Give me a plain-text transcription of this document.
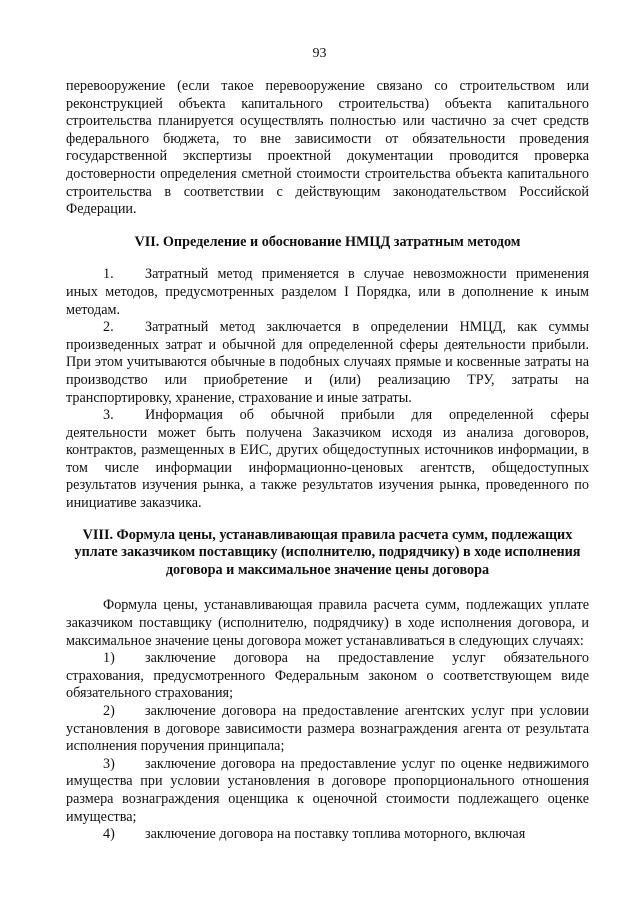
93

перевооружение (если такое перевооружение связано со строительством или реконструкцией объекта капитального строительства) объекта капитального строительства планируется осуществлять полностью или частично за счет средств федерального бюджета, то вне зависимости от обязательности проведения государственной экспертизы проектной документации проводится проверка достоверности определения сметной стоимости строительства объекта капитального строительства в соответствии с действующим законодательством Российской Федерации.

VII. Определение и обоснование НМЦД затратным методом

1. Затратный метод применяется в случае невозможности применения иных методов, предусмотренных разделом I Порядка, или в дополнение к иным методам.

2. Затратный метод заключается в определении НМЦД, как суммы произведенных затрат и обычной для определенной сферы деятельности прибыли. При этом учитываются обычные в подобных случаях прямые и косвенные затраты на производство или приобретение и (или) реализацию ТРУ, затраты на транспортировку, хранение, страхование и иные затраты.

3. Информация об обычной прибыли для определенной сферы деятельности может быть получена Заказчиком исходя из анализа договоров, контрактов, размещенных в ЕИС, других общедоступных источников информации, в том числе информации информационно-ценовых агентств, общедоступных результатов изучения рынка, а также результатов изучения рынка, проведенного по инициативе заказчика.

VIII. Формула цены, устанавливающая правила расчета сумм, подлежащих уплате заказчиком поставщику (исполнителю, подрядчику) в ходе исполнения договора и максимальное значение цены договора

Формула цены, устанавливающая правила расчета сумм, подлежащих уплате заказчиком поставщику (исполнителю, подрядчику) в ходе исполнения договора, и максимальное значение цены договора может устанавливаться в следующих случаях:

1) заключение договора на предоставление услуг обязательного страхования, предусмотренного Федеральным законом о соответствующем виде обязательного страхования;

2) заключение договора на предоставление агентских услуг при условии установления в договоре зависимости размера вознаграждения агента от результата исполнения поручения принципала;

3) заключение договора на предоставление услуг по оценке недвижимого имущества при условии установления в договоре пропорционального отношения размера вознаграждения оценщика к оценочной стоимости подлежащего оценке имущества;

4) заключение договора на поставку топлива моторного, включая
